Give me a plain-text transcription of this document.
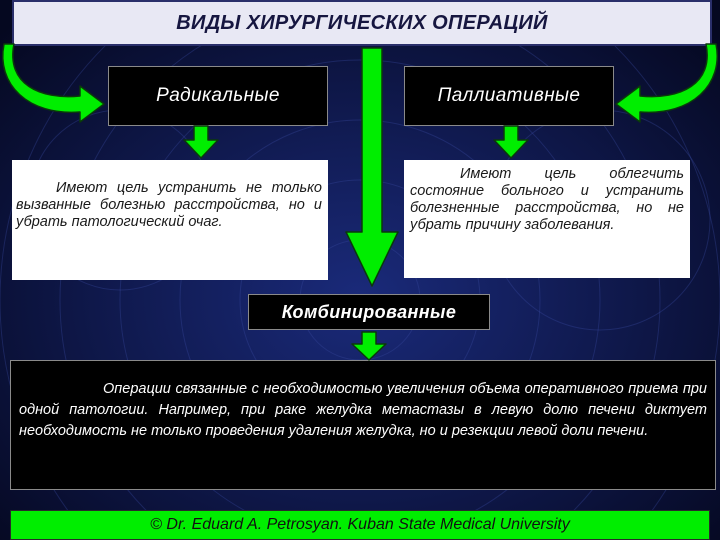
ВИДЫ ХИРУРГИЧЕСКИХ ОПЕРАЦИЙ
Радикальные	Паллиативные
Имеют цель устранить не только вызванные болезнью расстройства, но и убрать патологический очаг.
Имеют цель облегчить состояние больного и устранить болезненные расстройства, но не убрать причину заболевания.
Комбинированные
Операции связанные с необходимостью увеличения объема оперативного приема при одной патологии. Например, при раке желудка метастазы в левую долю печени диктует необходимость не только проведения удаления желудка, но и резекции левой доли печени.
© Dr. Eduard A. Petrosyan. Kuban State Medical University
